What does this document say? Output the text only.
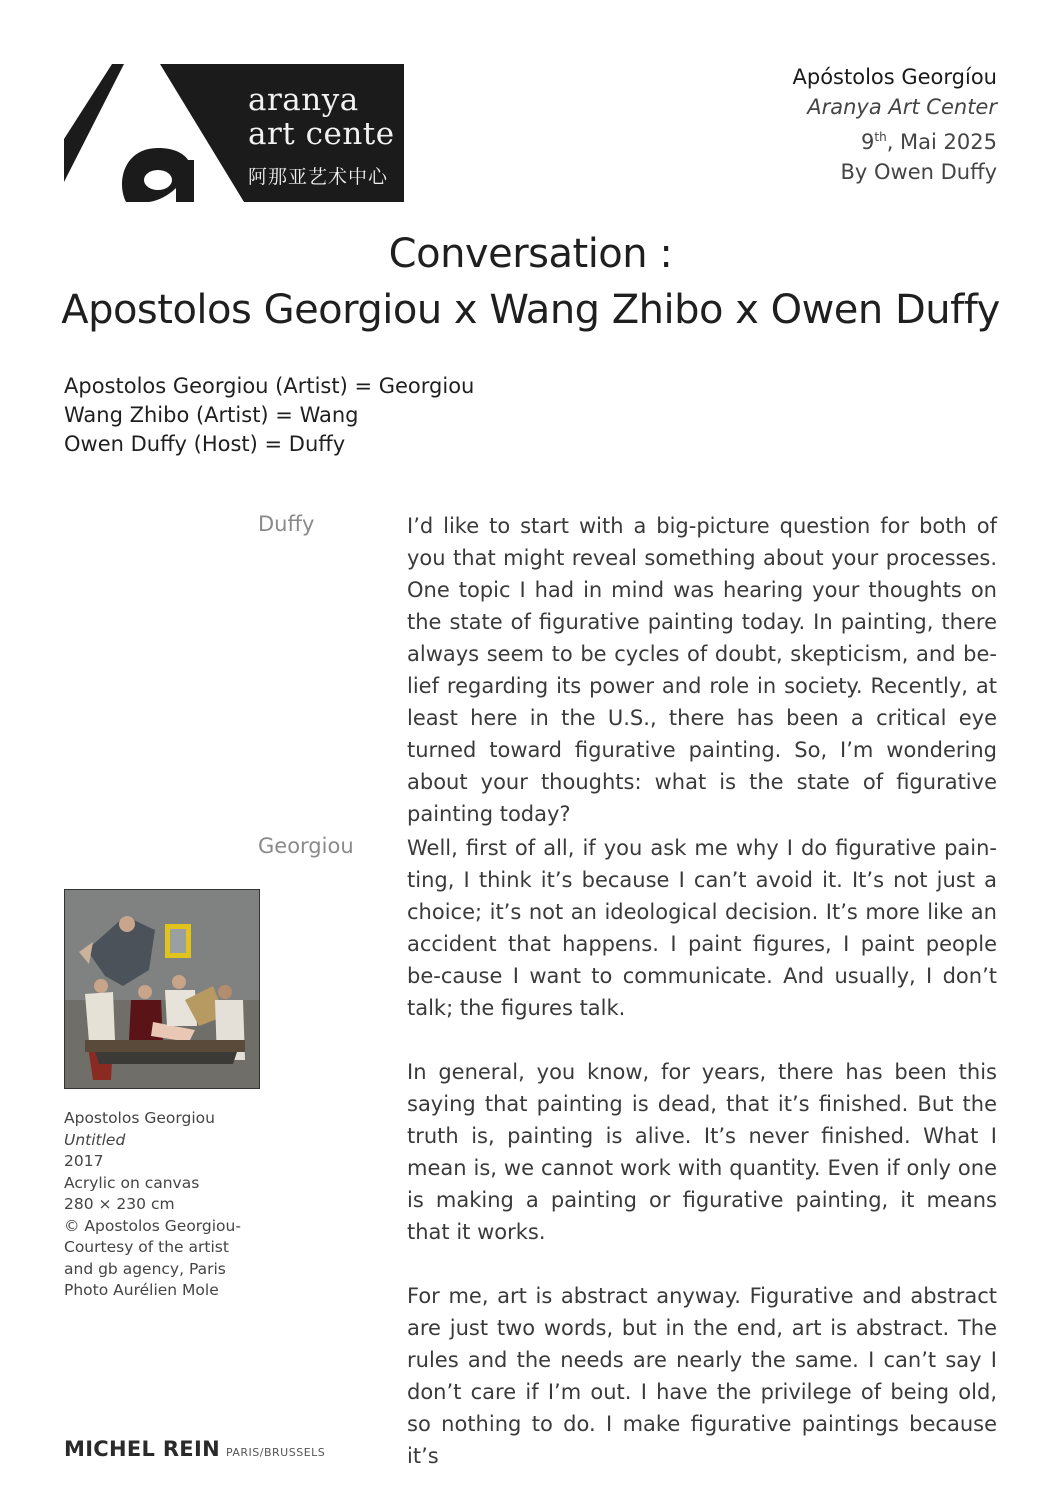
aranya
art cente
阿那亚艺术中心
Apóstolos Georgíou
Aranya Art Center
9th, Mai 2025
By Owen Duffy
Conversation :
Apostolos Georgiou x Wang Zhibo x Owen Duffy
Apostolos Georgiou (Artist) = Georgiou
Wang Zhibo (Artist) = Wang
Owen Duffy (Host) = Duffy
Duffy	I’d like to start with a big-picture question for both of you that might reveal something about your processes. One topic I had in mind was hearing your thoughts on the state of figurative painting today. In painting, there always seem to be cycles of doubt, skepticism, and be-lief regarding its power and role in society. Recently, at least here in the U.S., there has been a critical eye turned toward figurative painting. So, I’m wondering about your thoughts: what is the state of figurative painting today?

Georgiou	Well, first of all, if you ask me why I do figurative pain-ting, I think it’s because I can’t avoid it. It’s not just a choice; it’s not an ideological decision. It’s more like an accident that happens. I paint figures, I paint people be-cause I want to communicate. And usually, I don’t talk; the figures talk.

In general, you know, for years, there has been this saying that painting is dead, that it’s finished. But the truth is, painting is alive. It’s never finished. What I mean is, we cannot work with quantity. Even if only one is making a painting or figurative painting, it means that it works.

For me, art is abstract anyway. Figurative and abstract are just two words, but in the end, art is abstract. The rules and the needs are nearly the same. I can’t say I don’t care if I’m out. I have the privilege of being old, so nothing to do. I make figurative paintings because it’s

Apostolos Georgiou
Untitled
2017
Acrylic on canvas
280 × 230 cm
© Apostolos Georgiou-
Courtesy of the artist
and gb agency, Paris
Photo Aurélien Mole
MICHEL REIN PARIS/BRUSSELS
